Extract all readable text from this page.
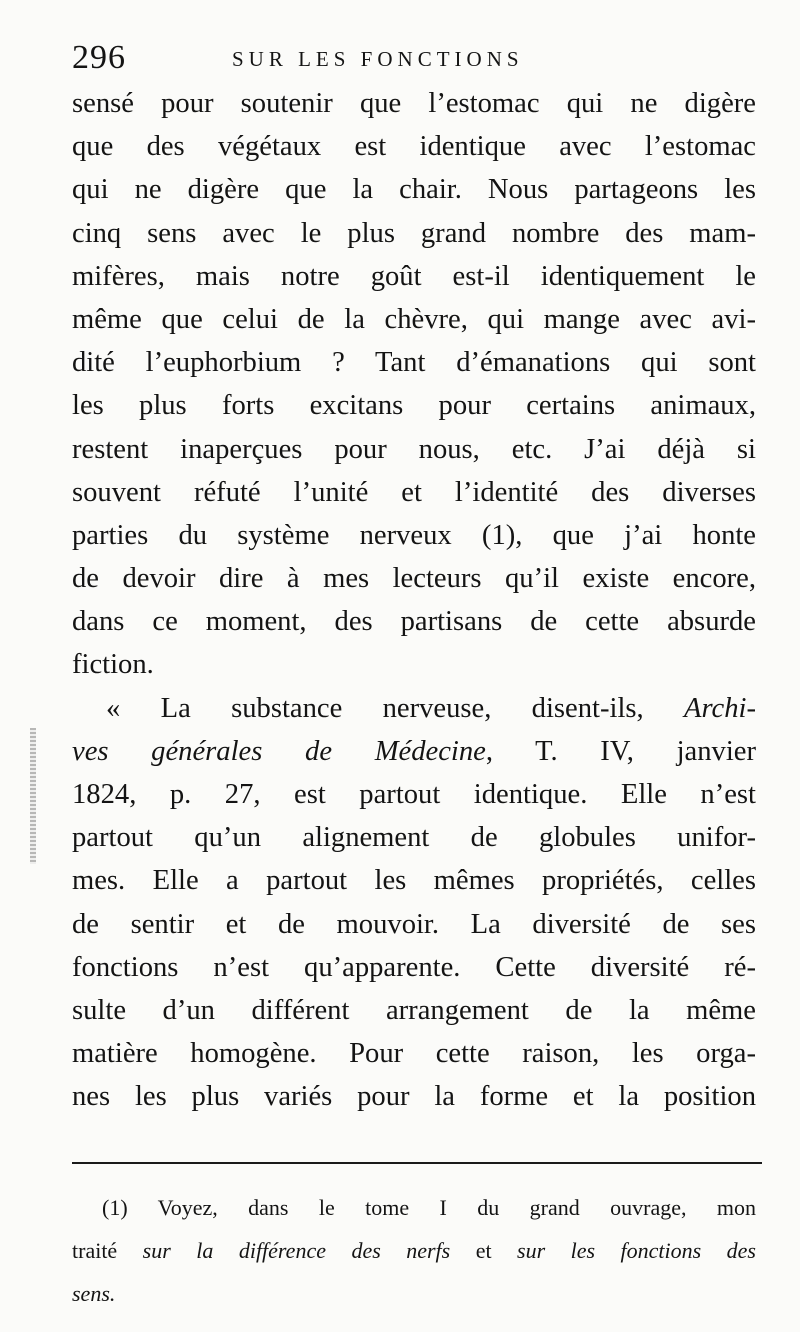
296	SUR LES FONCTIONS
sensé pour soutenir que l’estomac qui ne digère
que des végétaux est identique avec l’estomac
qui ne digère que la chair. Nous partageons les
cinq sens avec le plus grand nombre des mam-
mifères, mais notre goût est-il identiquement le
même que celui de la chèvre, qui mange avec avi-
dité l’euphorbium ? Tant d’émanations qui sont
les plus forts excitans pour certains animaux,
restent inaperçues pour nous, etc. J’ai déjà si
souvent réfuté l’unité et l’identité des diverses
parties du système nerveux (1), que j’ai honte
de devoir dire à mes lecteurs qu’il existe encore,
dans ce moment, des partisans de cette absurde
fiction.
« La substance nerveuse, disent-ils, Archi-
ves générales de Médecine, T. IV, janvier
1824, p. 27, est partout identique. Elle n’est
partout qu’un alignement de globules unifor-
mes. Elle a partout les mêmes propriétés, celles
de sentir et de mouvoir. La diversité de ses
fonctions n’est qu’apparente. Cette diversité ré-
sulte d’un différent arrangement de la même
matière homogène. Pour cette raison, les orga-
nes les plus variés pour la forme et la position
(1) Voyez, dans le tome I du grand ouvrage, mon
traité sur la différence des nerfs et sur les fonctions des
sens.
